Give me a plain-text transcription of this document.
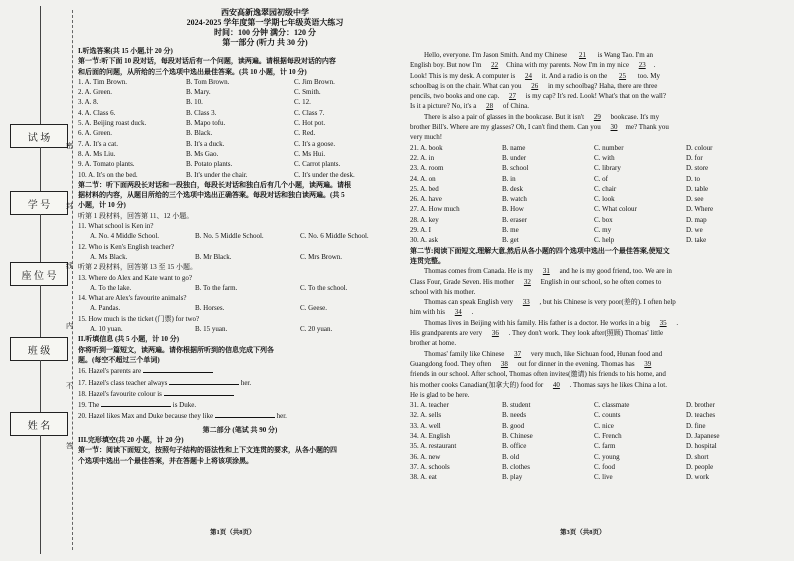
试 场
学 号
座 位 号
班 级
姓 名
密
封
线
内
不
答
西安高新逸翠园初级中学
2024-2025 学年度第一学期七年级英语大练习
时间：100 分钟 满分：120 分
第一部分 (听力 共 30 分)
I.听选答案(共 15 小题,计 20 分)
第一节:听下面 10 段对话，每段对话后有一个问题，读两遍。请根据每段对话的内容
和后面的问题，从所给的三个选项中选出最佳答案。(共 10 小题，计 10 分)
1. A. Tim Brown.	B. Tom Brown.	C. Jim Brown.
2. A. Green.	B. Mary.	C. Smith.
3. A. 8.	B. 10.	C. 12.
4. A. Class 6.	B. Class 3.	C. Class 7.
5. A. Beijing roast duck.	B. Mapo tofu.	C. Hot pot.
6. A. Green.	B. Black.	C. Red.
7. A. It's a cat.	B. It's a duck.	C. It's a goose.
8. A. Ms Liu.	B. Ms Gao.	C. Ms Hui.
9. A. Tomato plants.	B. Potato plants.	C. Carrot plants.
10. A. It's on the bed.	B. It's under the chair.	C. It's under the desk.
第二节：听下面两段长对话和一段独白，每段长对话和独白后有几个小题，读两遍。请根
据材料的内容，从题目所给的三个选项中选出正确答案。每段对话和独白读两遍。(共 5
小题，计 10 分)
听第 1 段材料，回答第 11、12 小题。
11. What school is Ken in?
A. No. 4 Middle School.	B. No. 5 Middle School.	C. No. 6 Middle School.
12. Who is Ken's English teacher?
A. Ms Black.	B. Mr Black.	C. Mrs Brown.
听第 2 段材料，回答第 13 至 15 小题。
13. Where do Alex and Kate want to go?
A. To the lake.	B. To the farm.	C. To the school.
14. What are Alex's favourite animals?
A. Pandas.	B. Horses.	C. Geese.
15. How much is the ticket (门票) for two?
A. 10 yuan.	B. 15 yuan.	C. 20 yuan.
II.听填信息 (共 5 小题，计 10 分)
你将听到一篇短文，读两遍。请你根据所听到的信息完成下列各
题。(每空不超过三个单词)
16. Hazel's parents are
17. Hazel's class teacher always	her.
18. Hazel's favourite colour is
19. The	is Duke.
20. Hazel likes Max and Duke because they like	her.
第二部分 (笔试 共 90 分)
III.完形填空(共 20 小题，计 20 分)
第一节：阅读下面短文，按照句子结构的语法性和上下文连贯的要求，从各小题的四
个选项中选出一个最佳答案，并在答题卡上将该项涂黑。
第1页（共8页）
Hello, everyone. I'm Jason Smith. And my Chinese 21 is Wang Tao. I'm an
English boy. But now I'm 22 China with my parents. Now I'm in my nice 23 .
Look! This is my desk. A computer is 24 it. And a radio is on the 25 too. My
schoolbag is on the chair. What can you 26 in my schoolbag? Haha, there are three
pencils, two books and one cap. 27 is my cap? It's red. Look! What's that on the wall?
Is it a picture? No, it's a 28 of China.
There is also a pair of glasses in the bookcase. But it isn't 29 bookcase. It's my
brother Bill's. Where are my glasses? Oh, I can't find them. Can you 30 me? Thank you
very much!
21. A. book	B. name	C. number	D. colour
22. A. in	B. under	C. with	D. for
23. A. room	B. school	C. library	D. store
24. A. on	B. in	C. of	D. to
25. A. bed	B. desk	C. chair	D. table
26. A. have	B. watch	C. look	D. see
27. A. How much	B. How	C. What colour	D. Where
28. A. key	B. eraser	C. box	D. map
29. A. I	B. me	C. my	D. we
30. A. ask	B. get	C. help	D. take
第二节:阅读下面短文,理解大意,然后从各小题的四个选项中选出一个最佳答案,使短文
连贯完整。
Thomas comes from Canada. He is my 31 and he is my good friend, too. We are in
Class Four, Grade Seven. His mother 32 English in our school, so he often comes to
school with his mother.
Thomas can speak English very 33 , but his Chinese is very poor(差的). I often help
him with his 34 .
Thomas lives in Beijing with his family. His father is a doctor. He works in a big 35 .
His grandparents are very 36 . They don't work. They look after(照顾) Thomas' little
brother at home.
Thomas' family like Chinese 37 very much, like Sichuan food, Hunan food and
Guangdong food. They often 38 out for dinner in the evening. Thomas has 39
friends in our school. After school, Thomas often invites(邀请) his friends to his home, and
his mother cooks Canadian(加拿大的) food for 40 . Thomas says he likes China a lot.
He is glad to be here.
31. A. teacher	B. student	C. classmate	D. brother
32. A. sells	B. needs	C. counts	D. teaches
33. A. well	B. good	C. nice	D. fine
34. A. English	B. Chinese	C. French	D. Japanese
35. A. restaurant	B. office	C. farm	D. hospital
36. A. new	B. old	C. young	D. short
37. A. schools	B. clothes	C. food	D. people
38. A. eat	B. play	C. live	D. work
第3页（共8页）
